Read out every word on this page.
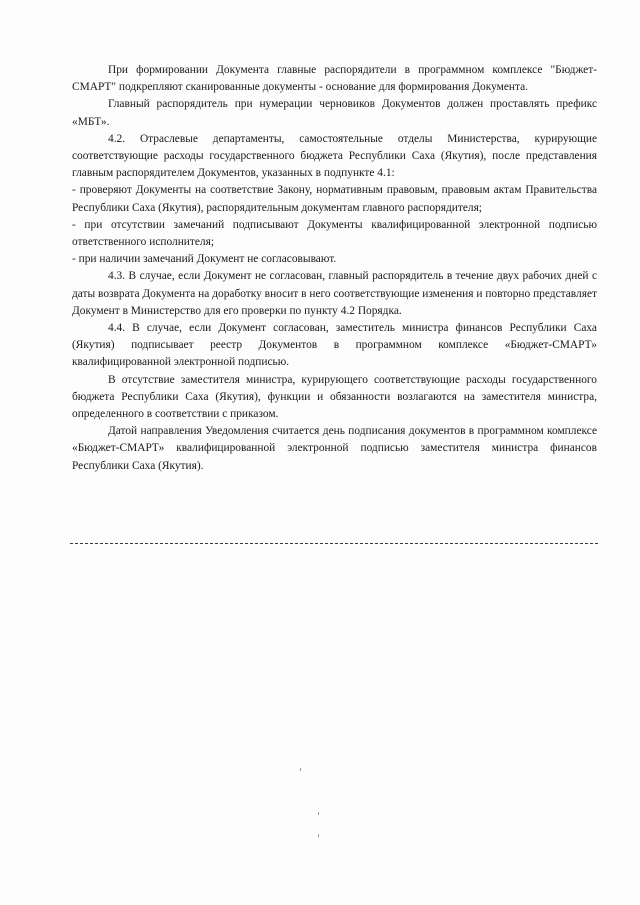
При формировании Документа главные распорядители в программном комплексе "Бюджет-СМАРТ" подкрепляют сканированные документы - основание для формирования Документа.

Главный распорядитель при нумерации черновиков Документов должен проставлять префикс «МБТ».

4.2. Отраслевые департаменты, самостоятельные отделы Министерства, курирующие соответствующие расходы государственного бюджета Республики Саха (Якутия), после представления главным распорядителем Документов, указанных в подпункте 4.1:

- проверяют Документы на соответствие Закону, нормативным правовым, правовым актам Правительства Республики Саха (Якутия), распорядительным документам главного распорядителя;

- при отсутствии замечаний подписывают Документы квалифицированной электронной подписью ответственного исполнителя;

- при наличии замечаний Документ не согласовывают.

4.3. В случае, если Документ не согласован, главный распорядитель в течение двух рабочих дней с даты возврата Документа на доработку вносит в него соответствующие изменения и повторно представляет Документ в Министерство для его проверки по пункту 4.2 Порядка.

4.4. В случае, если Документ согласован, заместитель министра финансов Республики Саха (Якутия) подписывает реестр Документов в программном комплексе «Бюджет-СМАРТ» квалифицированной электронной подписью.

В отсутствие заместителя министра, курирующего соответствующие расходы государственного бюджета Республики Саха (Якутия), функции и обязанности возлагаются на заместителя министра, определенного в соответствии с приказом.

Датой направления Уведомления считается день подписания документов в программном комплексе «Бюджет-СМАРТ» квалифицированной электронной подписью заместителя министра финансов Республики Саха (Якутия).
